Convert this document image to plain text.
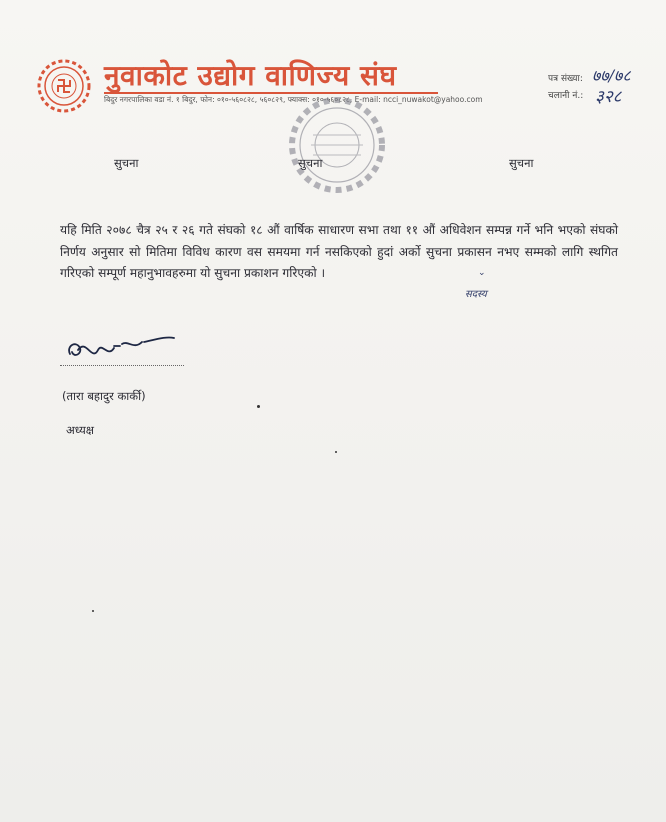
नुवाकोट उद्योग वाणिज्य संघ
बिदुर नगरपालिका वडा नं. १ बिदुर, फोन: ०१०-५६०८२८, ५६०८२९, फ्याक्स: ०१०-५६०८२८, E-mail: ncci_nuwakot@yahoo.com
पत्र संख्या: ७७/७८
चलानी नं.: ३२८
सुचना	सुचना	सुचना
यहि मिति २०७८ चैत्र २५ र २६ गते संघको १८ औं वार्षिक साधारण सभा तथा ११ औं अधिवेशन सम्पन्न गर्ने भनि भएको संघको निर्णय अनुसार सो मितिमा विविध कारण वस समयमा गर्न नसकिएको हुदां अर्को सुचना प्रकासन नभए सम्मको लागि स्थगित गरिएको सम्पूर्ण महानुभावहरुमा यो सुचना प्रकाशन गरिएको ।	⌄
सदस्य
(तारा बहादुर कार्की)
अध्यक्ष
